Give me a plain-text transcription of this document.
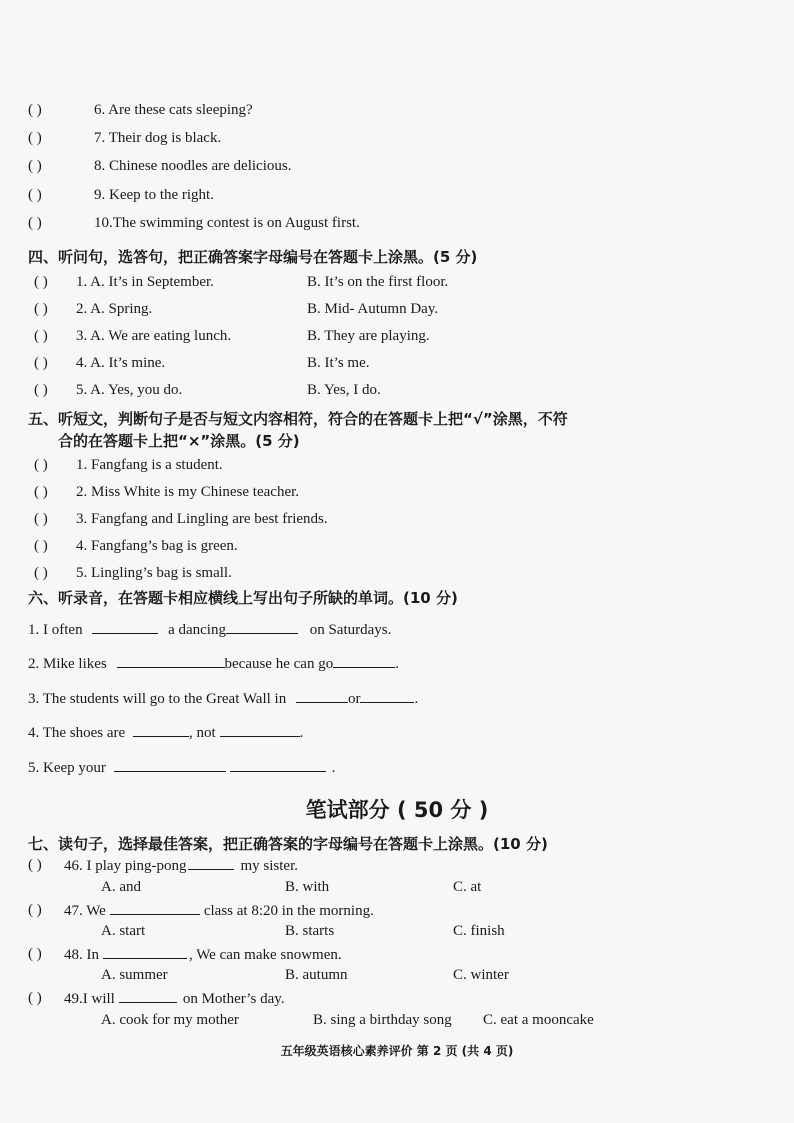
( )	6. Are these cats sleeping?
( )	7. Their dog is black.
( )	8. Chinese noodles are delicious.
( )	9. Keep to the right.
( )	10.The swimming contest is on August first.
四、听问句，选答句，把正确答案字母编号在答题卡上涂黑。(5 分)
( ) 1. A. It’s in September.	B. It’s on the first floor.
( ) 2. A. Spring.	B. Mid- Autumn Day.
( ) 3. A. We are eating lunch.	B. They are playing.
( ) 4. A. It’s mine.	B. It’s me.
( ) 5. A. Yes, you do.	B. Yes, I do.
五、听短文，判断句子是否与短文内容相符，符合的在答题卡上把“√”涂黑，不符
合的在答题卡上把“×”涂黑。(5 分)
( ) 1. Fangfang is a student.
( ) 2. Miss White is my Chinese teacher.
( ) 3. Fangfang and Lingling are best friends.
( ) 4. Fangfang’s bag is green.
( ) 5. Lingling’s bag is small.
六、听录音，在答题卡相应横线上写出句子所缺的单词。(10 分)
1. I often	a dancing	on Saturdays.
2. Mike likes	because he can go	.
3. The students will go to the Great Wall in	or	.
4. The shoes are	, not	.
5. Keep your	.
笔试部分 ( 50 分 )
七、读句子，选择最佳答案，把正确答案的字母编号在答题卡上涂黑。(10 分)
( ) 46. I play ping-pong	my sister.
A. and	B. with	C. at
( ) 47. We	class at 8:20 in the morning.
A. start	B. starts	C. finish
( ) 48. In	, We can make snowmen.
A. summer	B. autumn	C. winter
( ) 49.I will	on Mother’s day.
A. cook for my mother	B. sing a birthday song C. eat a mooncake
五年级英语核心素养评价 第 2 页 (共 4 页)
